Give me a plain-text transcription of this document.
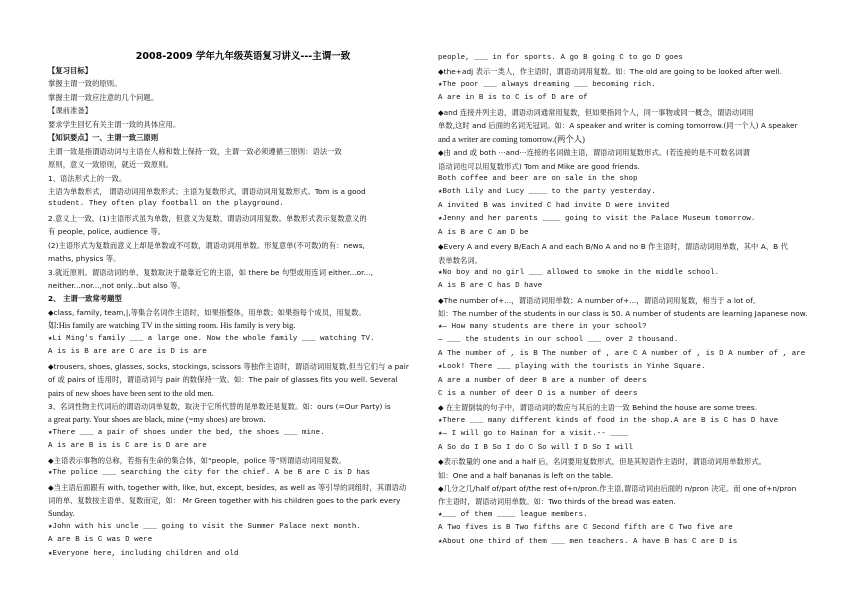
2008-2009 学年九年级英语复习讲义---主谓一致

【复习目标】

掌握主谓一致的原则。

掌握主谓一致应注意的几个问题。

【课前准备】

要求学生回忆有关主谓一致的具体应用。

【知识要点】一、主谓一致三原则

主谓一致是指谓语动词与主语在人称和数上保持一致，主谓一致必须遵循三原则：语法一致

原则，意义一致原则，就近一致原则。

1、语法形式上的一致。

主语为单数形式， 谓语动词用单数形式；主语为复数形式，谓语动词用复数形式。Tom is a good

student. They often play football on the playground.

2.意义上一致。(1)主语形式虽为单数，但意义为复数，谓语动词用复数。单数形式表示复数意义的

有 people, police, audience 等。

(2)主语形式为复数而意义上却是单数或不可数，谓语动词用单数。形复意单(不可数)的有：news,

maths, physics 等。

3.就近原则。谓语动词的单、复数取决于最靠近它的主语，如 there be 句型或用连词 either...or...,

neither...nor...,not only...but also 等。

2、 主谓一致常考题型

◆class, family, team,|,等集合名词作主语时，如果指整体，用单数；如果指每个成员，用复数。

如:His family are watching TV in the sitting room. His family is very big.

★Li Ming's family ___ a large one. Now the whole family ___ watching TV.

A is is B are are C are is D is are

◆trousers, shoes, glasses, socks, stockings, scissors 等独作主语时，谓语动词用复数,但当它们与 a pair

of 或 pairs of 连用时，谓语动词与 pair 的数保持一致。如：The pair of glasses fits you well. Several

pairs of new shoes have been sent to the old men.

3、名词性物主代词后的谓语动词单复数，取决于它所代替的是单数还是复数。如：ours (=Our Party) is

a great party. Your shoes are black, mine (=my shoes) are brown.

★There ___ a pair of shoes under the bed, the shoes ___ mine.

A is are B is is C are is D are are

◆主语表示事物的总称，若指有生命的集合体，如“people，police 等”则谓语动词用复数。

★The police ___ searching the city for the chief. A be B are C is D has

◆当主语后面跟有 with, together with, like, but, except, besides, as well as 等引导的词组时，其谓语动

词的单、复数按主语单、复数而定，如： Mr Green together with his children goes to the park every

Sunday.

★John with his uncle ___ going to visit the Summer Palace next month.

A are B is C was D were

★Everyone here, including children and old

people, ___ in for sports. A go B going C to go D goes

◆the+adj 表示一类人，作主语时，谓语动词用复数。如：The old are going to be looked after well.

★The poor ___ always dreaming ___ becoming rich.

A are in B is to C is of D are of

◆and 连接并列主语，谓语动词通常用复数，但如果指同个人，同一事物或同一概念，谓语动词用

单数,这时 and 后面的名词无冠词。如：A speaker and writer is coming tomorrow.(同一个人) A speaker

and a writer are coming tomorrow.(两个人)

◆由 and 或 both ···and···连接的名词做主语，谓语动词用复数形式。(若连接的是不可数名词谓

语动词也可以用复数形式) Tom and Mike are good friends.

Both coffee and beer are on sale in the shop

★Both Lily and Lucy ____ to the party yesterday.

A invited B was invited C had invite D were invited

★Jenny and her parents ____ going to visit the Palace Museum tomorrow.

A is B are C am D be

◆Every A and every B/Each A and each B/No A and no B 作主语时，谓语动词用单数，其中 A、B 代

表单数名词。

★No boy and no girl ___ allowed to smoke in the middle school.

A is B are C has D have

◆The number of+...，谓语动词用单数；A number of+...，谓语动词用复数，相当于 a lot of。

如：The number of the students in our class is 50. A number of students are learning Japanese now.

★— How many students are there in your school?

— ___ the students in our school ___ over 2 thousand.

A The number of , is B The number of , are C A number of , is D A number of , are

★Look! There ___ playing with the tourists in Yinhe Square.

A are a number of deer B are a number of deers

C is a number of deer D is a number of deers

◆ 在主谓倒装的句子中，谓语动词的数应与其后的主语一致 Behind the house are some trees.

★There ___ many different kinds of food in the shop.A are B is C has D have

★— I will go to Hainan for a visit.-- ____

A So do I B So I do C So will I D So I will

◆表示数量的 one and a half 后，名词要用复数形式，但是其短语作主语时，谓语动词用单数形式。

如：One and a half bananas is left on the table.

◆几分之几/half of/part of/the rest of+n/pron.作主语,谓语动词由后面的 n/pron 决定。而 one of+n/pron

作主语时，谓语动词用单数。如：Two thirds of the bread was eaten.

★___ of them ____ league members.

A Two fives is B Two fifths are C Second fifth are C Two five are

★About one third of them ___ men teachers. A have B has C are D is
